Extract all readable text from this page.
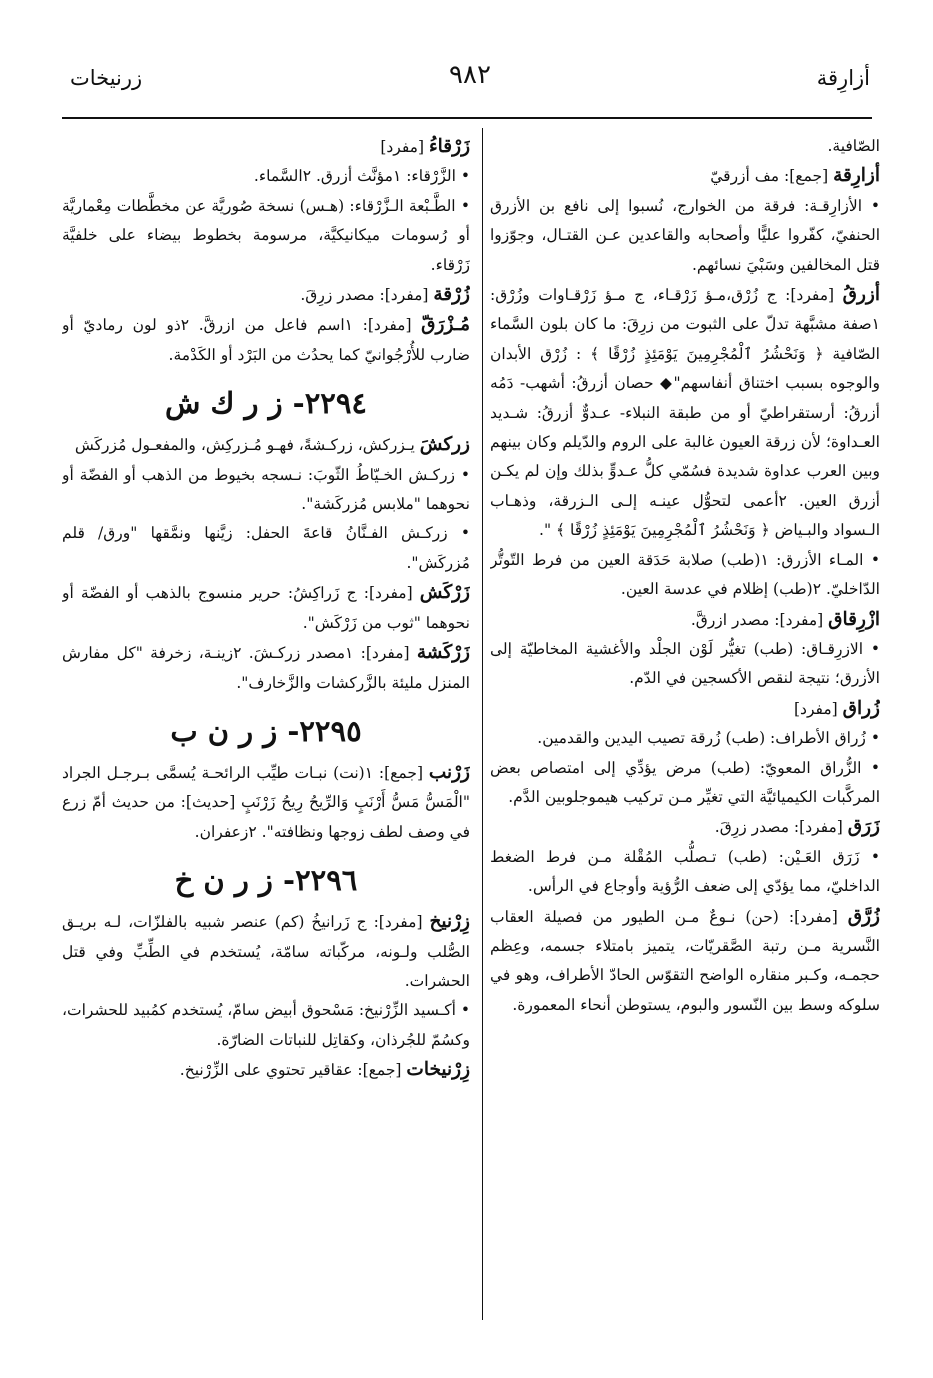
أزارِقة
٩٨٢
زرنيخات

الصّافية.

أزارِقة [جمع]: مف أزرقيّ

• الأزارِقـة: فرقة من الخوارج، نُسبوا إلى نافع بن الأزرق الحنفيّ، كفّروا عليًّا وأصحابه والقاعدين عـن القتـال، وجوّزوا قتل المخالفين وسَبْيَ نسائهم.

أزرقُ [مفرد]: ج زُرْق،مـؤ زَرْقـاء، ج مـؤ زَرْقـاوات وزُرْق: ١صفة مشبَّهة تدلّ على الثبوت من زرِقَ: ما كان بلون السَّماء الصّافية ﴿ وَنَحْشُرُ ٱلْمُجْرِمِينَ يَوْمَئِذٍ زُرْقًا ﴾ : زُرْق الأبدان والوجوه بسبب اختناق أنفاسهم"◆ حصان أزرقُ: أشهب- دَمُه أزرقُ: أرستقراطيّ أو من طبقة النبلاء- عـدوٌّ أزرقُ: شـديد العـداوة؛ لأن زرقة العيون غالبة على الروم والدّيلم وكان بينهم وبين العرب عداوة شديدة فسُمّي كلُّ عـدوٍّ بذلك وإن لم يكـن أزرق العين. ٢أعمى لتحوُّل عينـه إلـى الـزرقة، وذهـاب الـسواد والبـياض ﴿ وَنَحْشُرُ ٱلْمُجْرِمِينَ يَوْمَئِذٍ زُرْقًا ﴾ ".

• المـاء الأزرق: ١(طب) صلابة حَدَقة العين من فرط التّوتُّر الدّاخليّ. ٢(طب) إظلام في عدسة العين.

ازْرِقاق [مفرد]: مصدر ازرقَّ.

• الازرِقـاق: (طب) تغيُّر لَوْن الجلْد والأغشية المخاطيّة إلى الأزرق؛ نتيجة لنقص الأكسجين في الدّم.

زُراق [مفرد]

• زُراق الأطراف: (طب) زُرقة تصيب اليدين والقدمين.

• الزُّراق المعويّ: (طب) مرض يؤدِّي إلى امتصاص بعض المركَّبات الكيميائيَّة التي تغيِّر مـن تركيب هيموجلوبين الدَّم.

زَرَق [مفرد]: مصدر زرِقَ.

• زَرَق العَـيْن: (طب) تـصلُّب المُقْلة مـن فرط الضغط الداخليّ، مما يؤدّي إلى ضعف الرُّؤية وأوجاع في الرأس.

زُرَّق [مفرد]: (حن) نـوعٌ مـن الطيور من فصيلة العقاب النَّسرية مـن رتبة الصَّقريّات، يتميز بامتلاء جسمه، وعِظم حجمـه، وكـبر منقاره الواضح التقوّس الحادّ الأطراف، وهو في سلوكه وسط بين النّسور والبوم، يستوطن أنحاء المعمورة.

زَرْقاءُ [مفرد]

• الزَّرْقاء: ١مؤنَّث أزرق. ٢السَّماء.

• الطَّـبْعة الـزَّرْقاء: (هـس) نسخة صُوريَّة عن مخطَّطات مِعْماريَّة أو رُسومات ميكانيكيَّة، مرسومة بخطوط بيضاء على خلفيَّة زَرْقاء.

زُرْقة [مفرد]: مصدر زرِقَ.

مُـزْرَقّ [مفرد]: ١اسم فاعل من ازرقَّ. ٢ذو لون رماديّ أو ضارب للأُرْجُوانيّ كما يحدُث من البَرْد أو الكَدْمة.

٢٢٩٤- ز ر ك ش

زركشَ يـزركش، زركـشةً، فهـو مُـزركِش، والمفعـول مُزركَش

• زركـش الخـيّاطُ الثّوبَ: نـسجه بخيوط من الذهب أو الفضّة أو نحوهما "ملابس مُزركَشة".

• زركـش الفـنَّانُ قاعةَ الحفل: زيَّنها ونمَّقها "ورق/ قلم مُزركَش".

زَرْكَش [مفرد]: ج زَراكِشُ: حرير منسوج بالذهب أو الفضّة أو نحوهما "ثوب من زَرْكَش".

زَرْكَشة [مفرد]: ١مصدر زركـشَ. ٢زينـة، زخرفة "كل مفارش المنزل مليئة بالزَّركشات والزَّخارف".

٢٢٩٥- ز ر ن ب

زَرْنب [جمع]: ١(نت) نبـات طيِّب الرائحـة يُسمَّى بـرجـل الجراد "الْمَسُّ مَسُّ أَرْنَبٍ وَالرِّيحُ رِيحُ زَرْنَبٍ [حديث]: من حديث أمّ زرع في وصف لطف زوجها ونظافته". ٢زعفران.

٢٢٩٦- ز ر ن خ

زِرْنيخ [مفرد]: ج زَرانيخُ (كم) عنصر شبيه بالفلزّات، لـه بريـق الصُّلب ولـونه، مركّباته سامّة، يُستخدم في الطِّبِّ وفي قتل الحشرات.

• أكـسيد الزِّرْنيخ: مَسْحوق أبيض سامّ، يُستخدم كمُبيد للحشرات، وكسُمّ للجُرذان، وكقاتِل للنباتات الضارّة.

زِرْنيخات [جمع]: عقاقير تحتوي على الزِّرْنيخ.
